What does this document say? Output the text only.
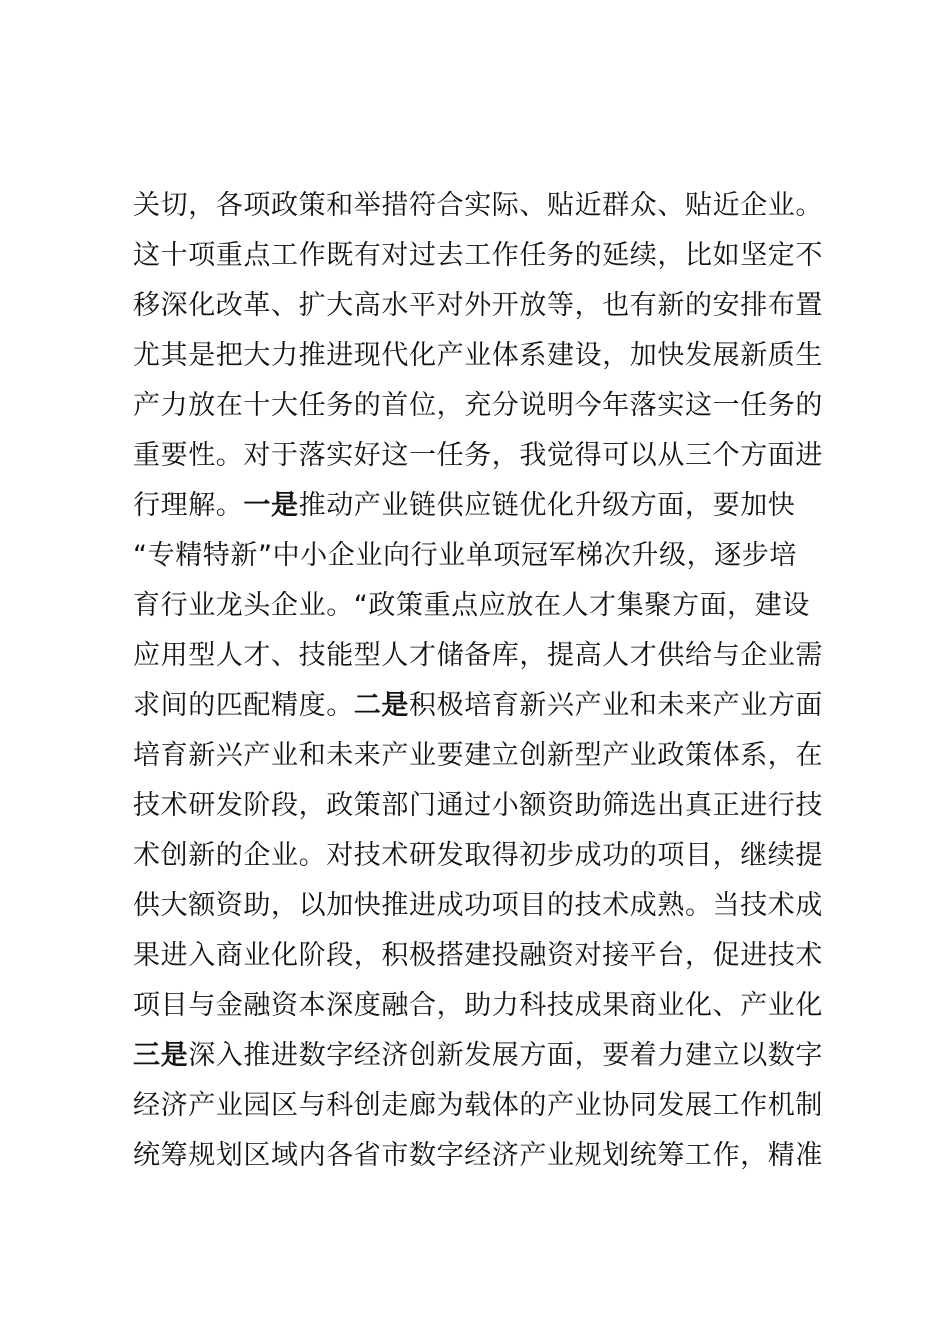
关切，各项政策和举措符合实际、贴近群众、贴近企业。
这十项重点工作既有对过去工作任务的延续，比如坚定不
移深化改革、扩大高水平对外开放等，也有新的安排布置
尤其是把大力推进现代化产业体系建设，加快发展新质生
产力放在十大任务的首位，充分说明今年落实这一任务的
重要性。对于落实好这一任务，我觉得可以从三个方面进
行理解。一是推动产业链供应链优化升级方面，要加快
“专精特新”中小企业向行业单项冠军梯次升级，逐步培
育行业龙头企业。“政策重点应放在人才集聚方面，建设
应用型人才、技能型人才储备库，提高人才供给与企业需
求间的匹配精度。二是积极培育新兴产业和未来产业方面
培育新兴产业和未来产业要建立创新型产业政策体系，在
技术研发阶段，政策部门通过小额资助筛选出真正进行技
术创新的企业。对技术研发取得初步成功的项目，继续提
供大额资助，以加快推进成功项目的技术成熟。当技术成
果进入商业化阶段，积极搭建投融资对接平台，促进技术
项目与金融资本深度融合，助力科技成果商业化、产业化
三是深入推进数字经济创新发展方面，要着力建立以数字
经济产业园区与科创走廊为载体的产业协同发展工作机制
统筹规划区域内各省市数字经济产业规划统筹工作，精准
